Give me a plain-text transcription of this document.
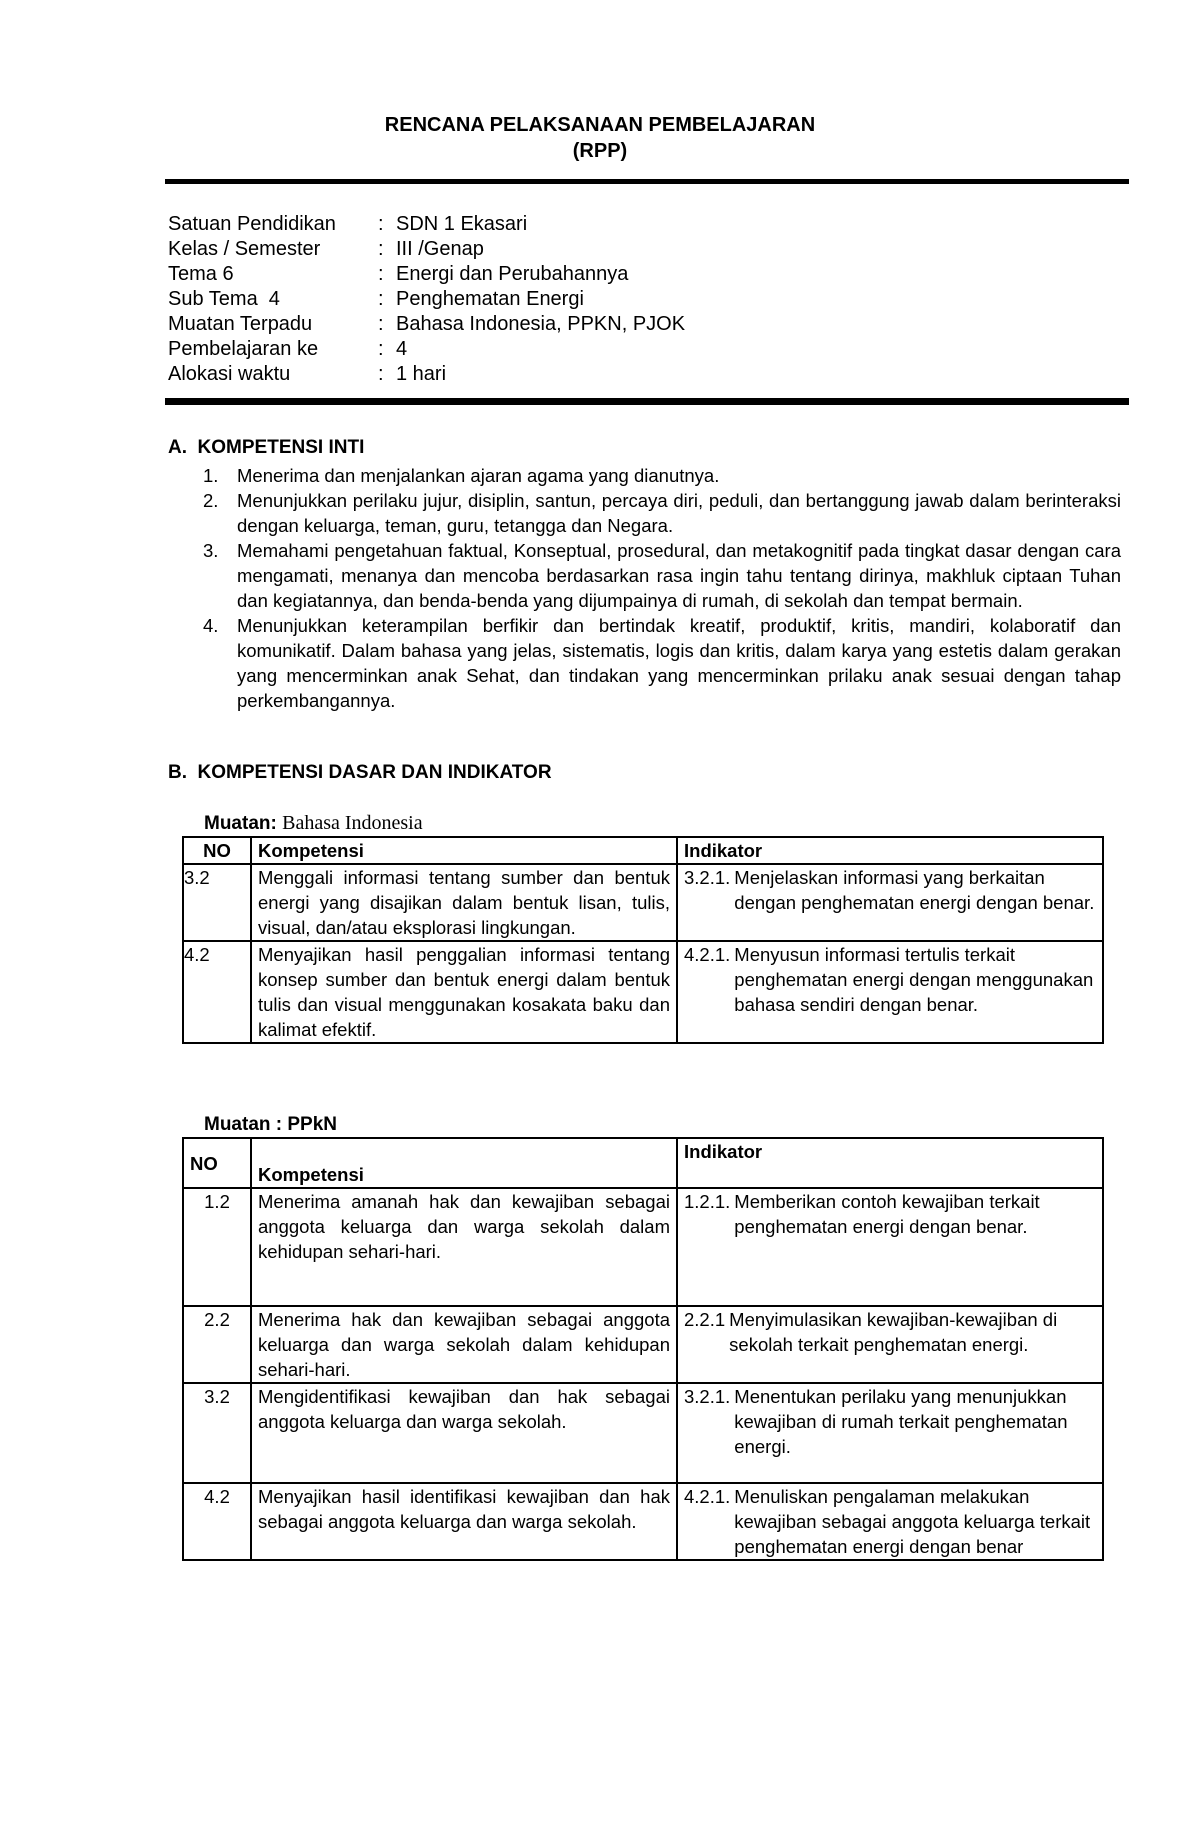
RENCANA PELAKSANAAN PEMBELAJARAN
(RPP)
Satuan Pendidikan	: SDN 1 Ekasari
Kelas / Semester	: III /Genap
Tema 6	: Energi dan Perubahannya
Sub Tema  4	: Penghematan Energi
Muatan Terpadu	: Bahasa Indonesia, PPKN, PJOK
Pembelajaran ke	: 4
Alokasi waktu	: 1 hari
A.  KOMPETENSI INTI
1.	Menerima dan menjalankan ajaran agama yang dianutnya.
2.	Menunjukkan perilaku jujur, disiplin, santun, percaya diri, peduli, dan bertanggung jawab dalam berinteraksi dengan keluarga, teman, guru, tetangga dan Negara.
3.	Memahami pengetahuan faktual, Konseptual, prosedural, dan metakognitif pada tingkat dasar dengan cara mengamati, menanya dan mencoba berdasarkan rasa ingin tahu tentang dirinya, makhluk ciptaan Tuhan dan kegiatannya, dan benda-benda yang dijumpainya di rumah, di sekolah dan tempat bermain.
4.	Menunjukkan keterampilan berfikir dan bertindak kreatif, produktif, kritis, mandiri, kolaboratif dan komunikatif. Dalam bahasa yang jelas, sistematis, logis dan kritis, dalam karya yang estetis dalam gerakan yang mencerminkan anak Sehat, dan tindakan yang mencerminkan prilaku anak sesuai dengan tahap perkembangannya.
B.  KOMPETENSI DASAR DAN INDIKATOR
Muatan: Bahasa Indonesia
NO	Kompetensi	Indikator
3.2	Menggali informasi tentang sumber dan bentuk energi yang disajikan dalam bentuk lisan, tulis, visual, dan/atau eksplorasi lingkungan.	3.2.1. Menjelaskan informasi yang berkaitan dengan penghematan energi dengan benar.

4.2	Menyajikan hasil penggalian informasi tentang konsep sumber dan bentuk energi dalam bentuk tulis dan visual menggunakan kosakata baku dan kalimat efektif.	4.2.1. Menyusun informasi tertulis terkait penghematan energi dengan menggunakan bahasa sendiri dengan benar.
Muatan : PPkN
NO	Kompetensi	Indikator
1.2	Menerima amanah hak dan kewajiban sebagai anggota keluarga dan warga sekolah dalam kehidupan sehari-hari.	1.2.1. Memberikan contoh kewajiban terkait penghematan energi dengan benar.

2.2	Menerima hak dan kewajiban sebagai anggota keluarga dan warga sekolah dalam kehidupan sehari-hari.	2.2.1 Menyimulasikan kewajiban-kewajiban di sekolah terkait penghematan energi.

3.2	Mengidentifikasi kewajiban dan hak sebagai anggota keluarga dan warga sekolah.	3.2.1. Menentukan perilaku yang menunjukkan kewajiban di rumah terkait penghematan energi.

4.2	Menyajikan hasil identifikasi kewajiban dan hak sebagai anggota keluarga dan warga sekolah.	4.2.1. Menuliskan pengalaman melakukan kewajiban sebagai anggota keluarga terkait penghematan energi dengan benar
